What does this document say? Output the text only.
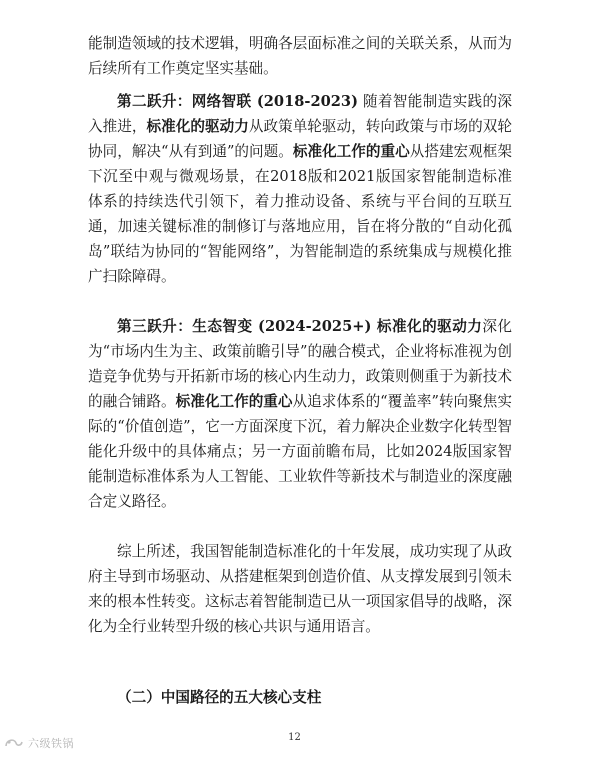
能制造领域的技术逻辑，明确各层面标准之间的关联关系，从而为后续所有工作奠定坚实基础。

第二跃升：网络智联 (2018-2023) 随着智能制造实践的深入推进，标准化的驱动力从政策单轮驱动，转向政策与市场的双轮协同，解决“从有到通”的问题。标准化工作的重心从搭建宏观框架下沉至中观与微观场景，在2018版和2021版国家智能制造标准体系的持续迭代引领下，着力推动设备、系统与平台间的互联互通，加速关键标准的制修订与落地应用，旨在将分散的“自动化孤岛”联结为协同的“智能网络”，为智能制造的系统集成与规模化推广扫除障碍。

第三跃升：生态智变 (2024-2025+) 标准化的驱动力深化为“市场内生为主、政策前瞻引导”的融合模式，企业将标准视为创造竞争优势与开拓新市场的核心内生动力，政策则侧重于为新技术的融合铺路。标准化工作的重心从追求体系的“覆盖率”转向聚焦实际的“价值创造”，它一方面深度下沉，着力解决企业数字化转型智能化升级中的具体痛点；另一方面前瞻布局，比如2024版国家智能制造标准体系为人工智能、工业软件等新技术与制造业的深度融合定义路径。

综上所述，我国智能制造标准化的十年发展，成功实现了从政府主导到市场驱动、从搭建框架到创造价值、从支撑发展到引领未来的根本性转变。这标志着智能制造已从一项国家倡导的战略，深化为全行业转型升级的核心共识与通用语言。

（二）中国路径的五大核心支柱

12
六级铁锅
